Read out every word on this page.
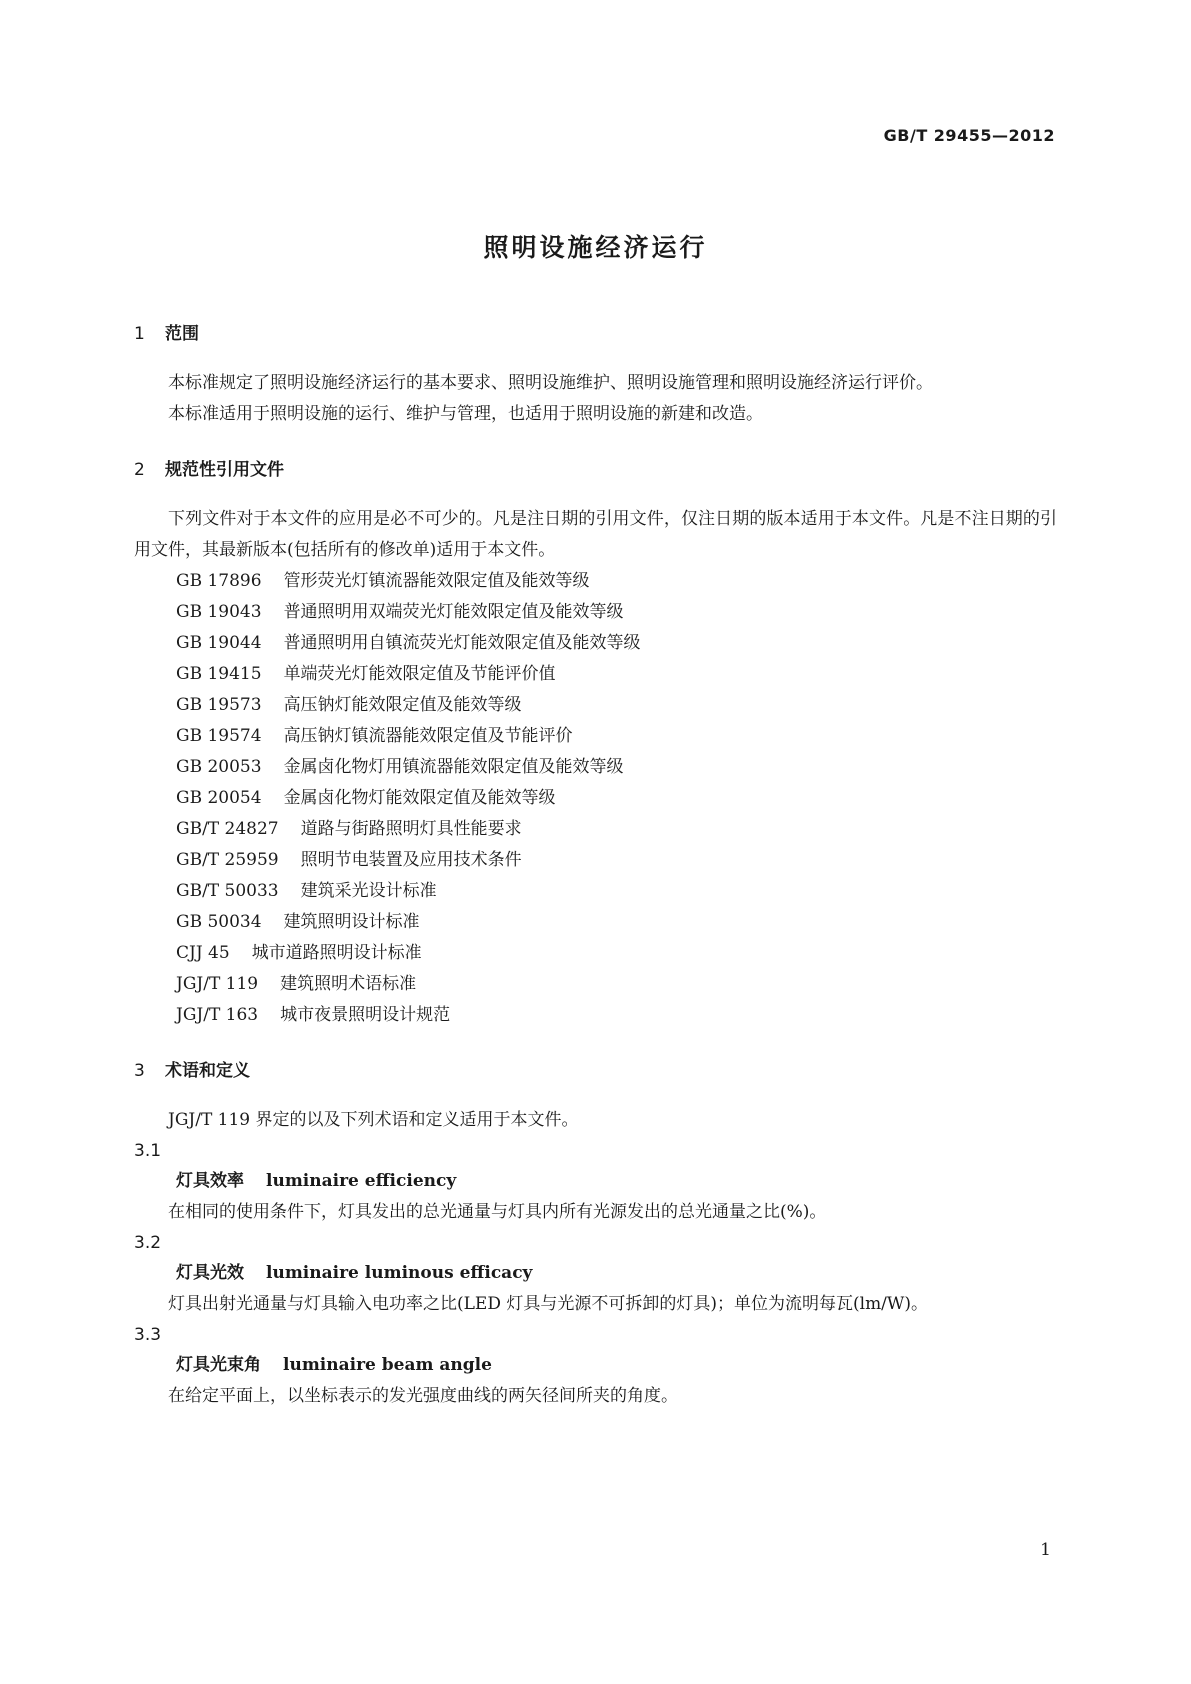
GB/T 29455—2012
照明设施经济运行
1 范围

本标准规定了照明设施经济运行的基本要求、照明设施维护、照明设施管理和照明设施经济运行评价。

本标准适用于照明设施的运行、维护与管理，也适用于照明设施的新建和改造。

2 规范性引用文件

下列文件对于本文件的应用是必不可少的。凡是注日期的引用文件，仅注日期的版本适用于本文件。凡是不注日期的引用文件，其最新版本(包括所有的修改单)适用于本文件。

GB 17896 管形荧光灯镇流器能效限定值及能效等级
GB 19043 普通照明用双端荧光灯能效限定值及能效等级
GB 19044 普通照明用自镇流荧光灯能效限定值及能效等级
GB 19415 单端荧光灯能效限定值及节能评价值
GB 19573 高压钠灯能效限定值及能效等级
GB 19574 高压钠灯镇流器能效限定值及节能评价
GB 20053 金属卤化物灯用镇流器能效限定值及能效等级
GB 20054 金属卤化物灯能效限定值及能效等级
GB/T 24827 道路与街路照明灯具性能要求
GB/T 25959 照明节电装置及应用技术条件
GB/T 50033 建筑采光设计标准
GB 50034 建筑照明设计标准
CJJ 45 城市道路照明设计标准
JGJ/T 119 建筑照明术语标准
JGJ/T 163 城市夜景照明设计规范
3 术语和定义

JGJ/T 119 界定的以及下列术语和定义适用于本文件。

3.1
灯具效率 luminaire efficiency

在相同的使用条件下，灯具发出的总光通量与灯具内所有光源发出的总光通量之比(%)。

3.2
灯具光效 luminaire luminous efficacy

灯具出射光通量与灯具输入电功率之比(LED 灯具与光源不可拆卸的灯具)；单位为流明每瓦(lm/W)。

3.3
灯具光束角 luminaire beam angle

在给定平面上，以坐标表示的发光强度曲线的两矢径间所夹的角度。

1
